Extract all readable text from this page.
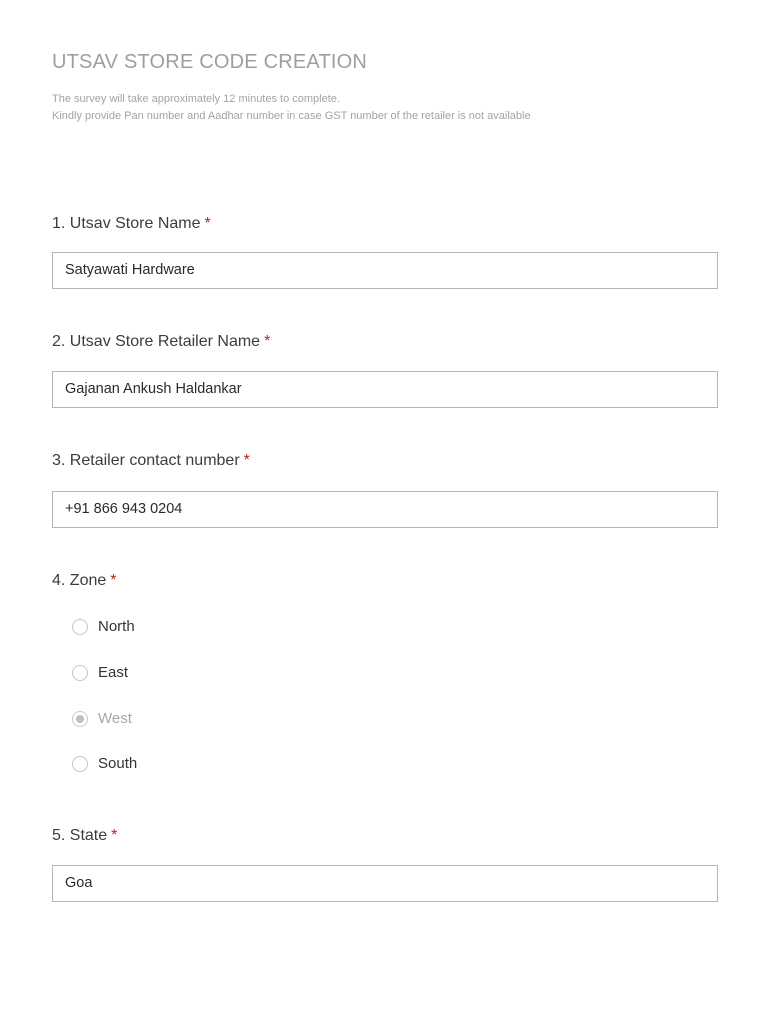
UTSAV STORE CODE CREATION
The survey will take approximately 12 minutes to complete.
Kindly provide Pan number and Aadhar number in case GST number of the retailer is not available
1. Utsav Store Name *
Satyawati Hardware
2. Utsav Store Retailer Name *
Gajanan Ankush Haldankar
3. Retailer contact number *
+91 866 943 0204
4. Zone *
North
East
West
South
5. State *
Goa
